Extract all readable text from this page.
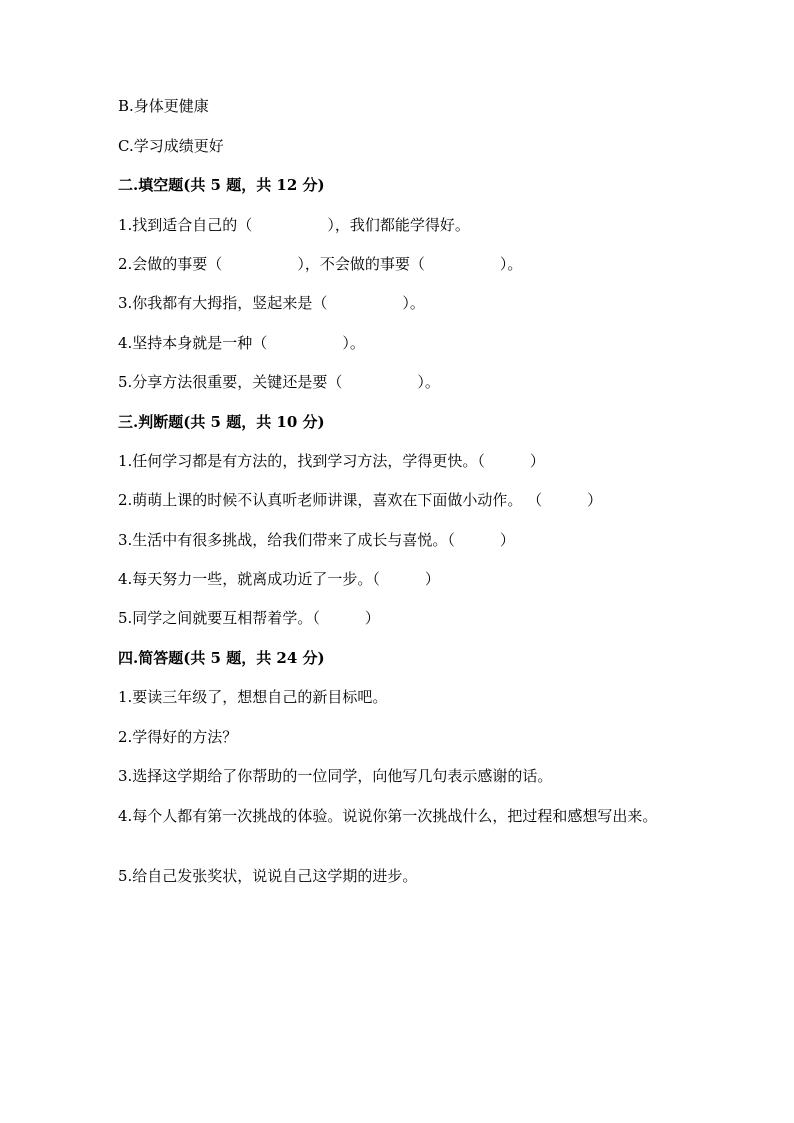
B.身体更健康
C.学习成绩更好
二.填空题(共 5 题，共 12 分)
1.找到适合自己的（　　　　　），我们都能学得好。
2.会做的事要（　　　　　），不会做的事要（　　　　　）。
3.你我都有大拇指，竖起来是（　　　　　）。
4.坚持本身就是一种（　　　　　）。
5.分享方法很重要，关键还是要（　　　　　）。
三.判断题(共 5 题，共 10 分)
1.任何学习都是有方法的，找到学习方法，学得更快。（　　　）
2.萌萌上课的时候不认真听老师讲课，喜欢在下面做小动作。 （　　　）
3.生活中有很多挑战，给我们带来了成长与喜悦。（　　　）
4.每天努力一些，就离成功近了一步。（　　　）
5.同学之间就要互相帮着学。（　　　）
四.简答题(共 5 题，共 24 分)
1.要读三年级了，想想自己的新目标吧。
2.学得好的方法？
3.选择这学期给了你帮助的一位同学，向他写几句表示感谢的话。
4.每个人都有第一次挑战的体验。说说你第一次挑战什么，把过程和感想写出来。
5.给自己发张奖状，说说自己这学期的进步。
